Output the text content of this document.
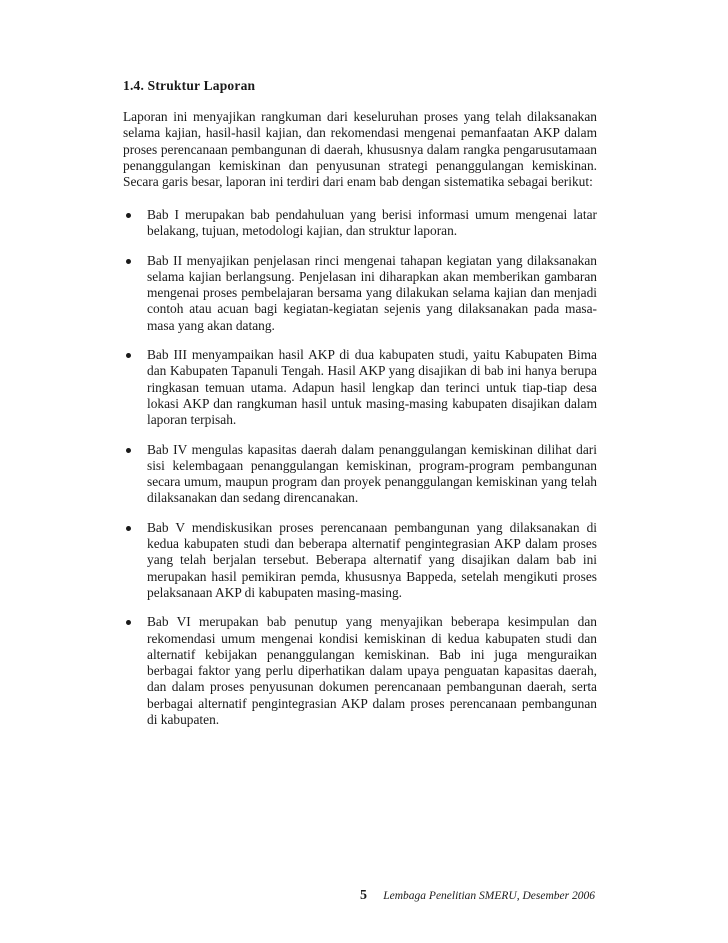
1.4. Struktur Laporan

Laporan ini menyajikan rangkuman dari keseluruhan proses yang telah dilaksanakan selama kajian, hasil-hasil kajian, dan rekomendasi mengenai pemanfaatan AKP dalam proses perencanaan pembangunan di daerah, khususnya dalam rangka pengarusutamaan penanggulangan kemiskinan dan penyusunan strategi penanggulangan kemiskinan. Secara garis besar, laporan ini terdiri dari enam bab dengan sistematika sebagai berikut:

Bab I merupakan bab pendahuluan yang berisi informasi umum mengenai latar belakang, tujuan, metodologi kajian, dan struktur laporan.
Bab II menyajikan penjelasan rinci mengenai tahapan kegiatan yang dilaksanakan selama kajian berlangsung. Penjelasan ini diharapkan akan memberikan gambaran mengenai proses pembelajaran bersama yang dilakukan selama kajian dan menjadi contoh atau acuan bagi kegiatan-kegiatan sejenis yang dilaksanakan pada masa-masa yang akan datang.
Bab III menyampaikan hasil AKP di dua kabupaten studi, yaitu Kabupaten Bima dan Kabupaten Tapanuli Tengah. Hasil AKP yang disajikan di bab ini hanya berupa ringkasan temuan utama. Adapun hasil lengkap dan terinci untuk tiap-tiap desa lokasi AKP dan rangkuman hasil untuk masing-masing kabupaten disajikan dalam laporan terpisah.
Bab IV mengulas kapasitas daerah dalam penanggulangan kemiskinan dilihat dari sisi kelembagaan penanggulangan kemiskinan, program-program pembangunan secara umum, maupun program dan proyek penanggulangan kemiskinan yang telah dilaksanakan dan sedang direncanakan.
Bab V mendiskusikan proses perencanaan pembangunan yang dilaksanakan di kedua kabupaten studi dan beberapa alternatif pengintegrasian AKP dalam proses yang telah berjalan tersebut. Beberapa alternatif yang disajikan dalam bab ini merupakan hasil pemikiran pemda, khususnya Bappeda, setelah mengikuti proses pelaksanaan AKP di kabupaten masing-masing.
Bab VI merupakan bab penutup yang menyajikan beberapa kesimpulan dan rekomendasi umum mengenai kondisi kemiskinan di kedua kabupaten studi dan alternatif kebijakan penanggulangan kemiskinan. Bab ini juga menguraikan berbagai faktor yang perlu diperhatikan dalam upaya penguatan kapasitas daerah, dan dalam proses penyusunan dokumen perencanaan pembangunan daerah, serta berbagai alternatif pengintegrasian AKP dalam proses perencanaan pembangunan di kabupaten.
5 Lembaga Penelitian SMERU, Desember 2006
